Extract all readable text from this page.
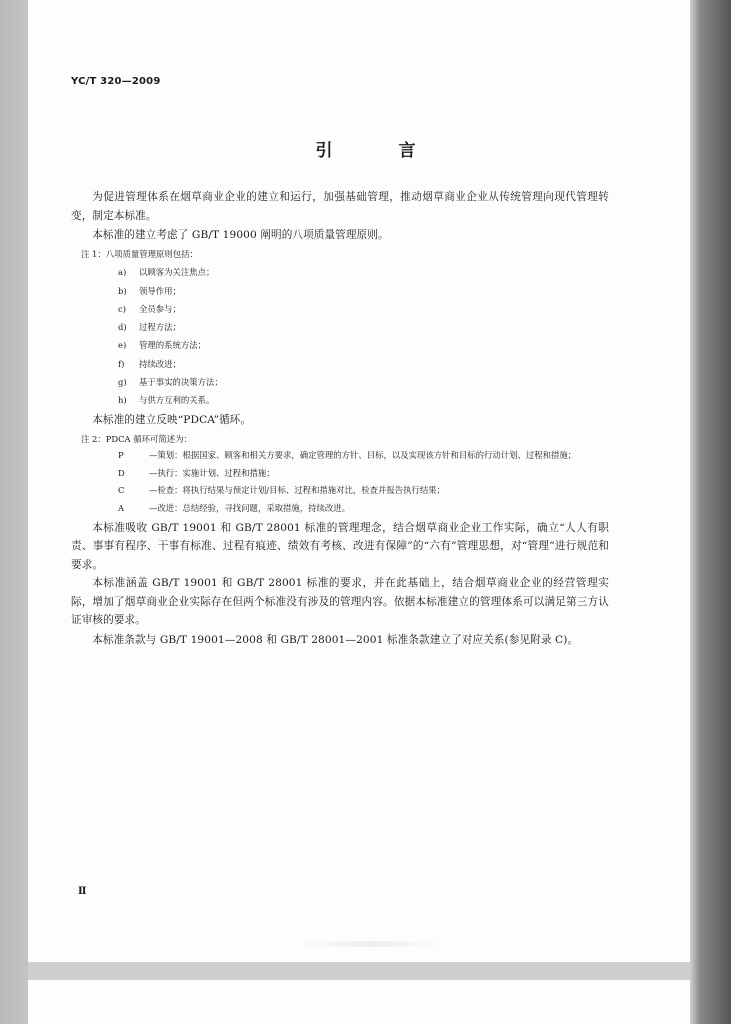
YC/T 320—2009
引 言

为促进管理体系在烟草商业企业的建立和运行，加强基础管理，推动烟草商业企业从传统管理向现代管理转变，制定本标准。

本标准的建立考虑了 GB/T 19000 阐明的八项质量管理原则。

注 1：八项质量管理原则包括：

a)	以顾客为关注焦点；
b)	领导作用；
c)	全员参与；
d)	过程方法；
e)	管理的系统方法；
f)	持续改进；
g)	基于事实的决策方法；
h)	与供方互利的关系。

本标准的建立反映“PDCA”循环。

注 2：PDCA 循环可简述为：

P	—策划：根据国家、顾客和相关方要求，确定管理的方针、目标，以及实现该方针和目标的行动计划、过程和措施；
D	—执行：实施计划、过程和措施；
C	—检查：将执行结果与预定计划/目标、过程和措施对比，检查并报告执行结果；
A	—改进：总结经验，寻找问题，采取措施，持续改进。

本标准吸收 GB/T 19001 和 GB/T 28001 标准的管理理念，结合烟草商业企业工作实际，确立“人人有职责、事事有程序、干事有标准、过程有痕迹、绩效有考核、改进有保障”的“六有”管理思想，对“管理”进行规范和要求。

本标准涵盖 GB/T 19001 和 GB/T 28001 标准的要求，并在此基础上，结合烟草商业企业的经营管理实际，增加了烟草商业企业实际存在但两个标准没有涉及的管理内容。依据本标准建立的管理体系可以满足第三方认证审核的要求。

本标准条款与 GB/T 19001—2008 和 GB/T 28001—2001 标准条款建立了对应关系(参见附录 C)。

Ⅱ
